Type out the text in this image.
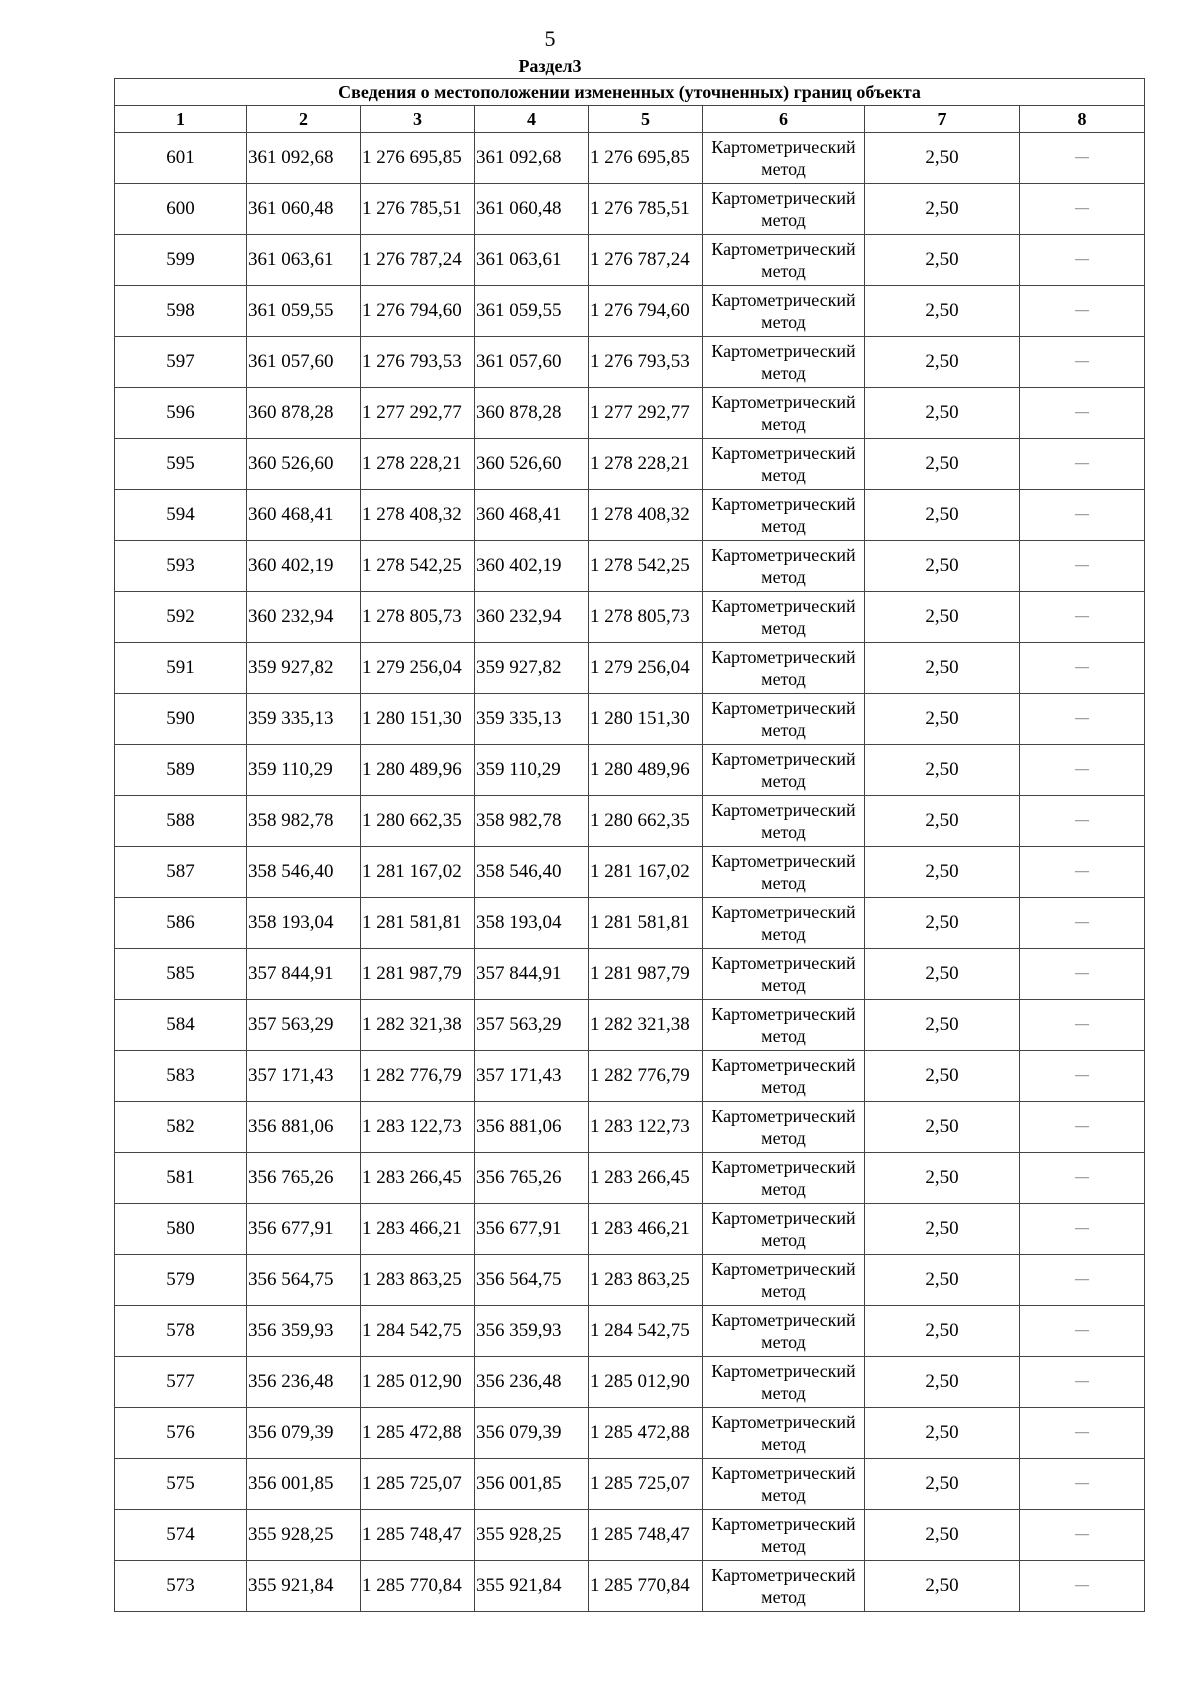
5
Раздел3
Сведения о местоположении измененных (уточненных) границ объекта							
1	2	3	4	5	6	7	8
601	361 092,68	1 276 695,85	361 092,68	1 276 695,85	Картометрический метод	2,50	—
600	361 060,48	1 276 785,51	361 060,48	1 276 785,51	Картометрический метод	2,50	—
599	361 063,61	1 276 787,24	361 063,61	1 276 787,24	Картометрический метод	2,50	—
598	361 059,55	1 276 794,60	361 059,55	1 276 794,60	Картометрический метод	2,50	—
597	361 057,60	1 276 793,53	361 057,60	1 276 793,53	Картометрический метод	2,50	—
596	360 878,28	1 277 292,77	360 878,28	1 277 292,77	Картометрический метод	2,50	—
595	360 526,60	1 278 228,21	360 526,60	1 278 228,21	Картометрический метод	2,50	—
594	360 468,41	1 278 408,32	360 468,41	1 278 408,32	Картометрический метод	2,50	—
593	360 402,19	1 278 542,25	360 402,19	1 278 542,25	Картометрический метод	2,50	—
592	360 232,94	1 278 805,73	360 232,94	1 278 805,73	Картометрический метод	2,50	—
591	359 927,82	1 279 256,04	359 927,82	1 279 256,04	Картометрический метод	2,50	—
590	359 335,13	1 280 151,30	359 335,13	1 280 151,30	Картометрический метод	2,50	—
589	359 110,29	1 280 489,96	359 110,29	1 280 489,96	Картометрический метод	2,50	—
588	358 982,78	1 280 662,35	358 982,78	1 280 662,35	Картометрический метод	2,50	—
587	358 546,40	1 281 167,02	358 546,40	1 281 167,02	Картометрический метод	2,50	—
586	358 193,04	1 281 581,81	358 193,04	1 281 581,81	Картометрический метод	2,50	—
585	357 844,91	1 281 987,79	357 844,91	1 281 987,79	Картометрический метод	2,50	—
584	357 563,29	1 282 321,38	357 563,29	1 282 321,38	Картометрический метод	2,50	—
583	357 171,43	1 282 776,79	357 171,43	1 282 776,79	Картометрический метод	2,50	—
582	356 881,06	1 283 122,73	356 881,06	1 283 122,73	Картометрический метод	2,50	—
581	356 765,26	1 283 266,45	356 765,26	1 283 266,45	Картометрический метод	2,50	—
580	356 677,91	1 283 466,21	356 677,91	1 283 466,21	Картометрический метод	2,50	—
579	356 564,75	1 283 863,25	356 564,75	1 283 863,25	Картометрический метод	2,50	—
578	356 359,93	1 284 542,75	356 359,93	1 284 542,75	Картометрический метод	2,50	—
577	356 236,48	1 285 012,90	356 236,48	1 285 012,90	Картометрический метод	2,50	—
576	356 079,39	1 285 472,88	356 079,39	1 285 472,88	Картометрический метод	2,50	—
575	356 001,85	1 285 725,07	356 001,85	1 285 725,07	Картометрический метод	2,50	—
574	355 928,25	1 285 748,47	355 928,25	1 285 748,47	Картометрический метод	2,50	—
573	355 921,84	1 285 770,84	355 921,84	1 285 770,84	Картометрический метод	2,50	—
